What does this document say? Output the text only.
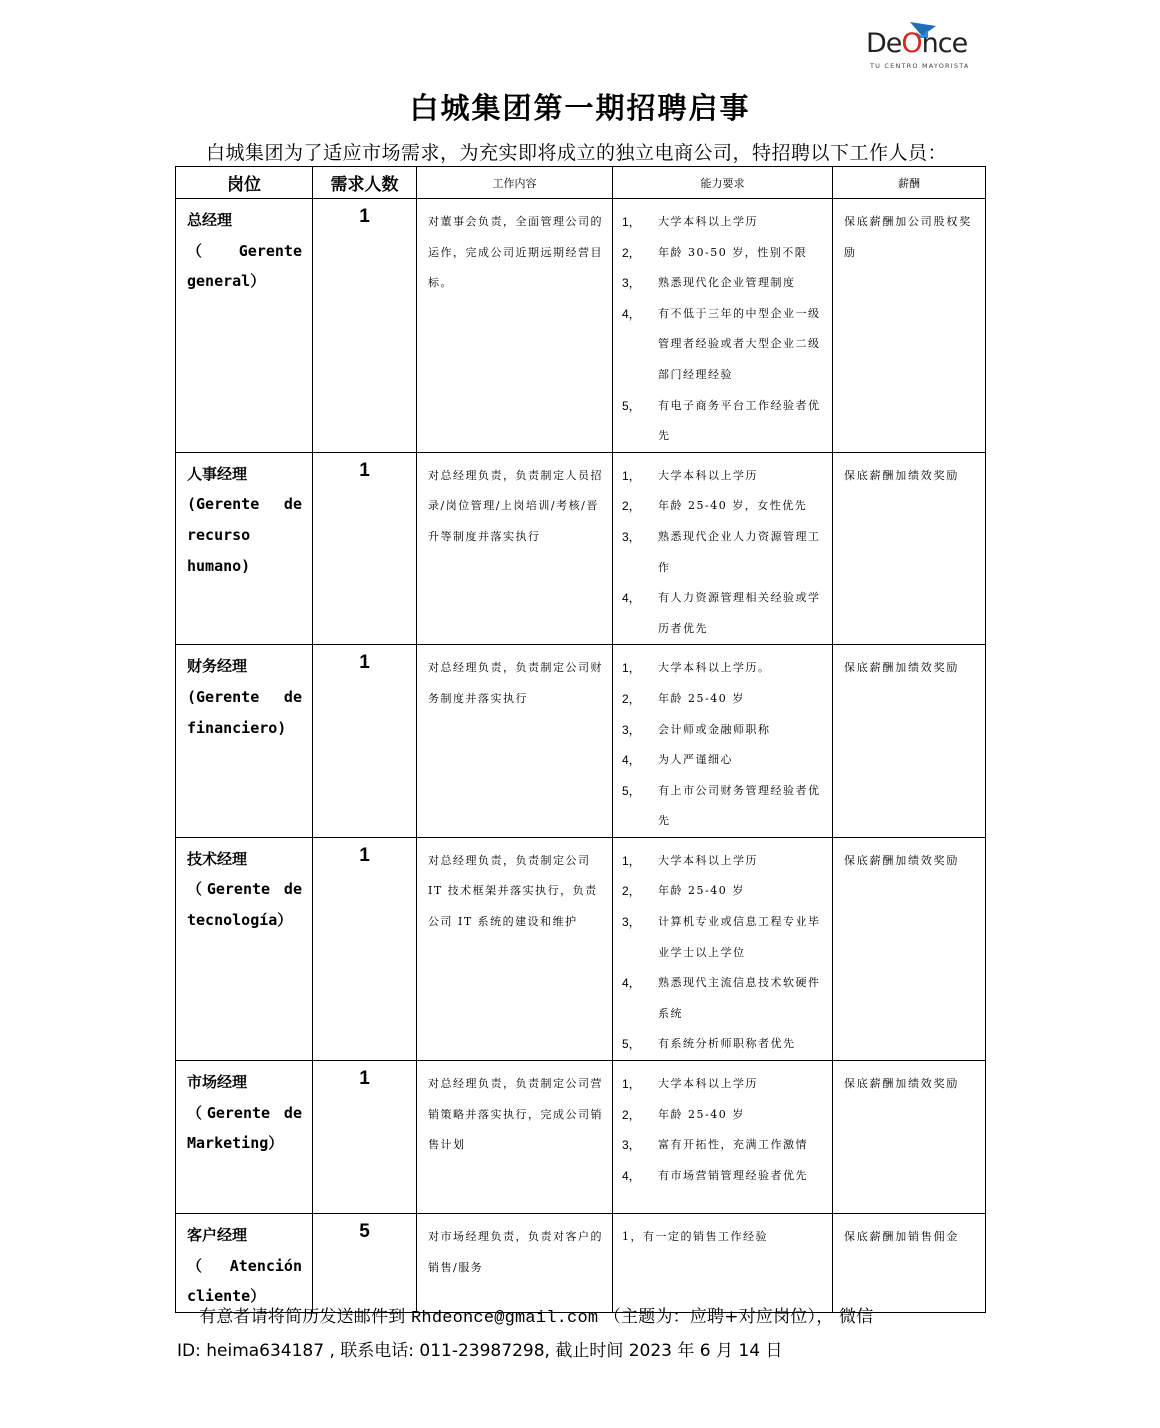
DeOnce
TU CENTRO MAYORISTA
白城集团第一期招聘启事
白城集团为了适应市场需求，为充实即将成立的独立电商公司，特招聘以下工作人员：
岗位	需求人数	工作内容	能力要求	薪酬

总经理
（ Gerente general）
	1	对董事会负责，全面管理公司的运作，完成公司近期远期经营目标。	
1，	大学本科以上学历
2，	年龄 30-50 岁，性别不限
3，	熟悉现代化企业管理制度
4，	有不低于三年的中型企业一级管理者经验或者大型企业二级部门经理经验
5，	有电子商务平台工作经验者优先
	保底薪酬加公司股权奖励

人事经理
(Gerente de recurso humano)
	1	对总经理负责，负责制定人员招录/岗位管理/上岗培训/考核/晋升等制度并落实执行	
1，	大学本科以上学历
2，	年龄 25-40 岁，女性优先
3，	熟悉现代企业人力资源管理工作
4，	有人力资源管理相关经验或学历者优先
	保底薪酬加绩效奖励

财务经理
(Gerente de financiero)
	1	对总经理负责，负责制定公司财务制度并落实执行	
1，	大学本科以上学历。
2，	年龄 25-40 岁
3，	会计师或金融师职称
4，	为人严谨细心
5，	有上市公司财务管理经验者优先
	保底薪酬加绩效奖励

技术经理
（Gerente de tecnología）
	1	对总经理负责，负责制定公司 IT 技术框架并落实执行，负责公司 IT 系统的建设和维护	
1，	大学本科以上学历
2，	年龄 25-40 岁
3，	计算机专业或信息工程专业毕业学士以上学位
4，	熟悉现代主流信息技术软硬件系统
5，	有系统分析师职称者优先
	保底薪酬加绩效奖励

市场经理
（Gerente de Marketing）
	1	对总经理负责，负责制定公司营销策略并落实执行，完成公司销售计划	
1，	大学本科以上学历
2，	年龄 25-40 岁
3，	富有开拓性，充满工作激情
4，	有市场营销管理经验者优先
	保底薪酬加绩效奖励

客户经理
（ Atención cliente）	5	对市场经理负责，负责对客户的销售/服务	1，有一定的销售工作经验	保底薪酬加销售佣金
有意者请将简历发送邮件到 Rhdeonce@gmail.com （主题为：应聘+对应岗位）， 微信
ID: heima634187 , 联系电话: 011-23987298, 截止时间 2023 年 6 月 14 日
